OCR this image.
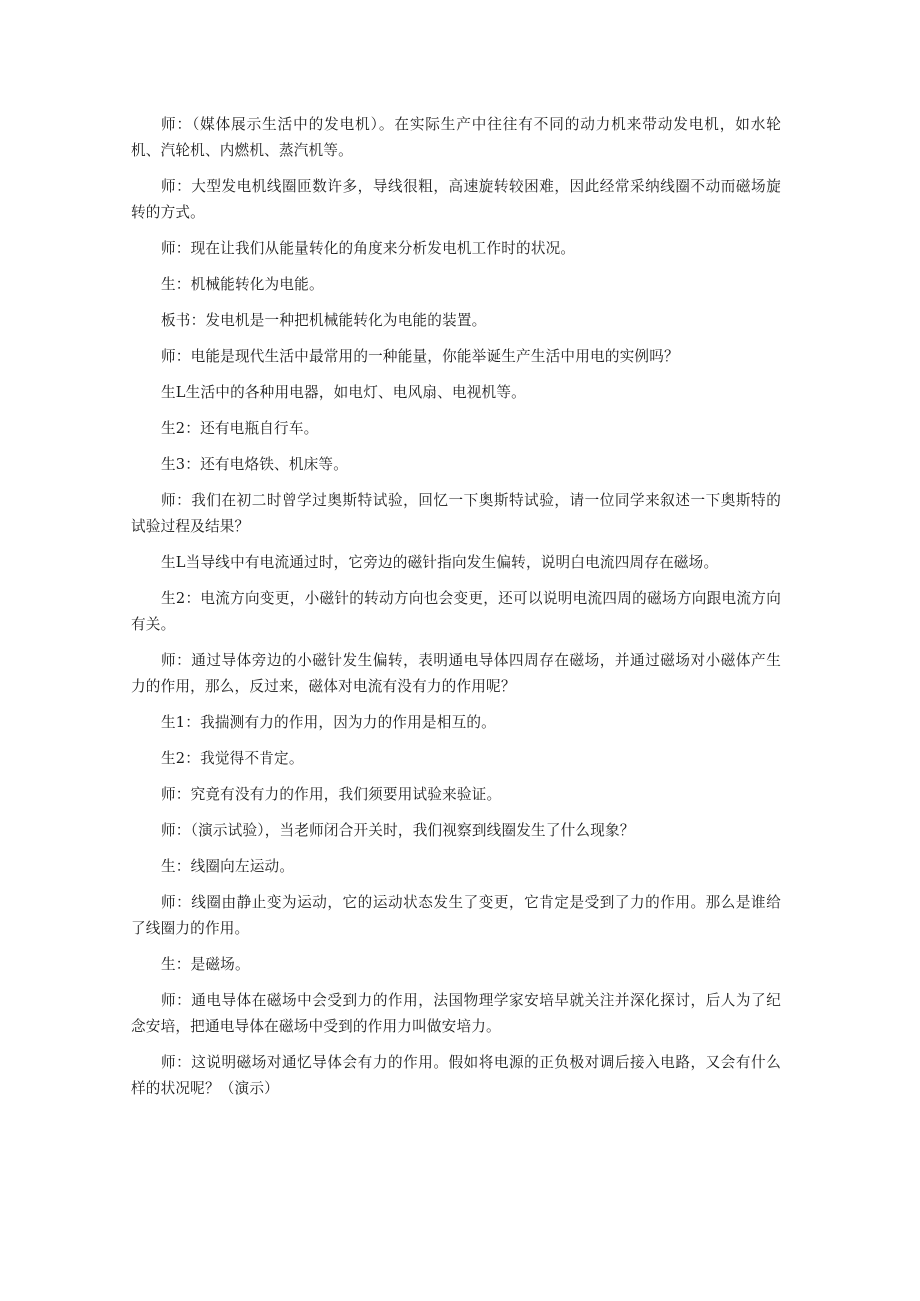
师：（媒体展示生活中的发电机）。在实际生产中往往有不同的动力机来带动发电机，如水轮机、汽轮机、内燃机、蒸汽机等。

师：大型发电机线圈匝数许多，导线很粗，高速旋转较困难，因此经常采纳线圈不动而磁场旋转的方式。

师：现在让我们从能量转化的角度来分析发电机工作时的状况。

生：机械能转化为电能。

板书：发电机是一种把机械能转化为电能的装置。

师：电能是现代生活中最常用的一种能量，你能举诞生产生活中用电的实例吗？

生L生活中的各种用电器，如电灯、电风扇、电视机等。

生2：还有电瓶自行车。

生3：还有电烙铁、机床等。

师：我们在初二时曾学过奥斯特试验，回忆一下奥斯特试验，请一位同学来叙述一下奥斯特的试验过程及结果？

生L当导线中有电流通过时，它旁边的磁针指向发生偏转，说明白电流四周存在磁场。

生2：电流方向变更，小磁针的转动方向也会变更，还可以说明电流四周的磁场方向跟电流方向有关。

师：通过导体旁边的小磁针发生偏转，表明通电导体四周存在磁场，并通过磁场对小磁体产生力的作用，那么，反过来，磁体对电流有没有力的作用呢？

生1：我揣测有力的作用，因为力的作用是相互的。

生2：我觉得不肯定。

师：究竟有没有力的作用，我们须要用试验来验证。

师：（演示试验），当老师闭合开关时，我们视察到线圈发生了什么现象？

生：线圈向左运动。

师：线圈由静止变为运动，它的运动状态发生了变更，它肯定是受到了力的作用。那么是谁给了线圈力的作用。

生：是磁场。

师：通电导体在磁场中会受到力的作用，法国物理学家安培早就关注并深化探讨，后人为了纪念安培，把通电导体在磁场中受到的作用力叫做安培力。

师：这说明磁场对通忆导体会有力的作用。假如将电源的正负极对调后接入电路，又会有什么样的状况呢？（演示）
